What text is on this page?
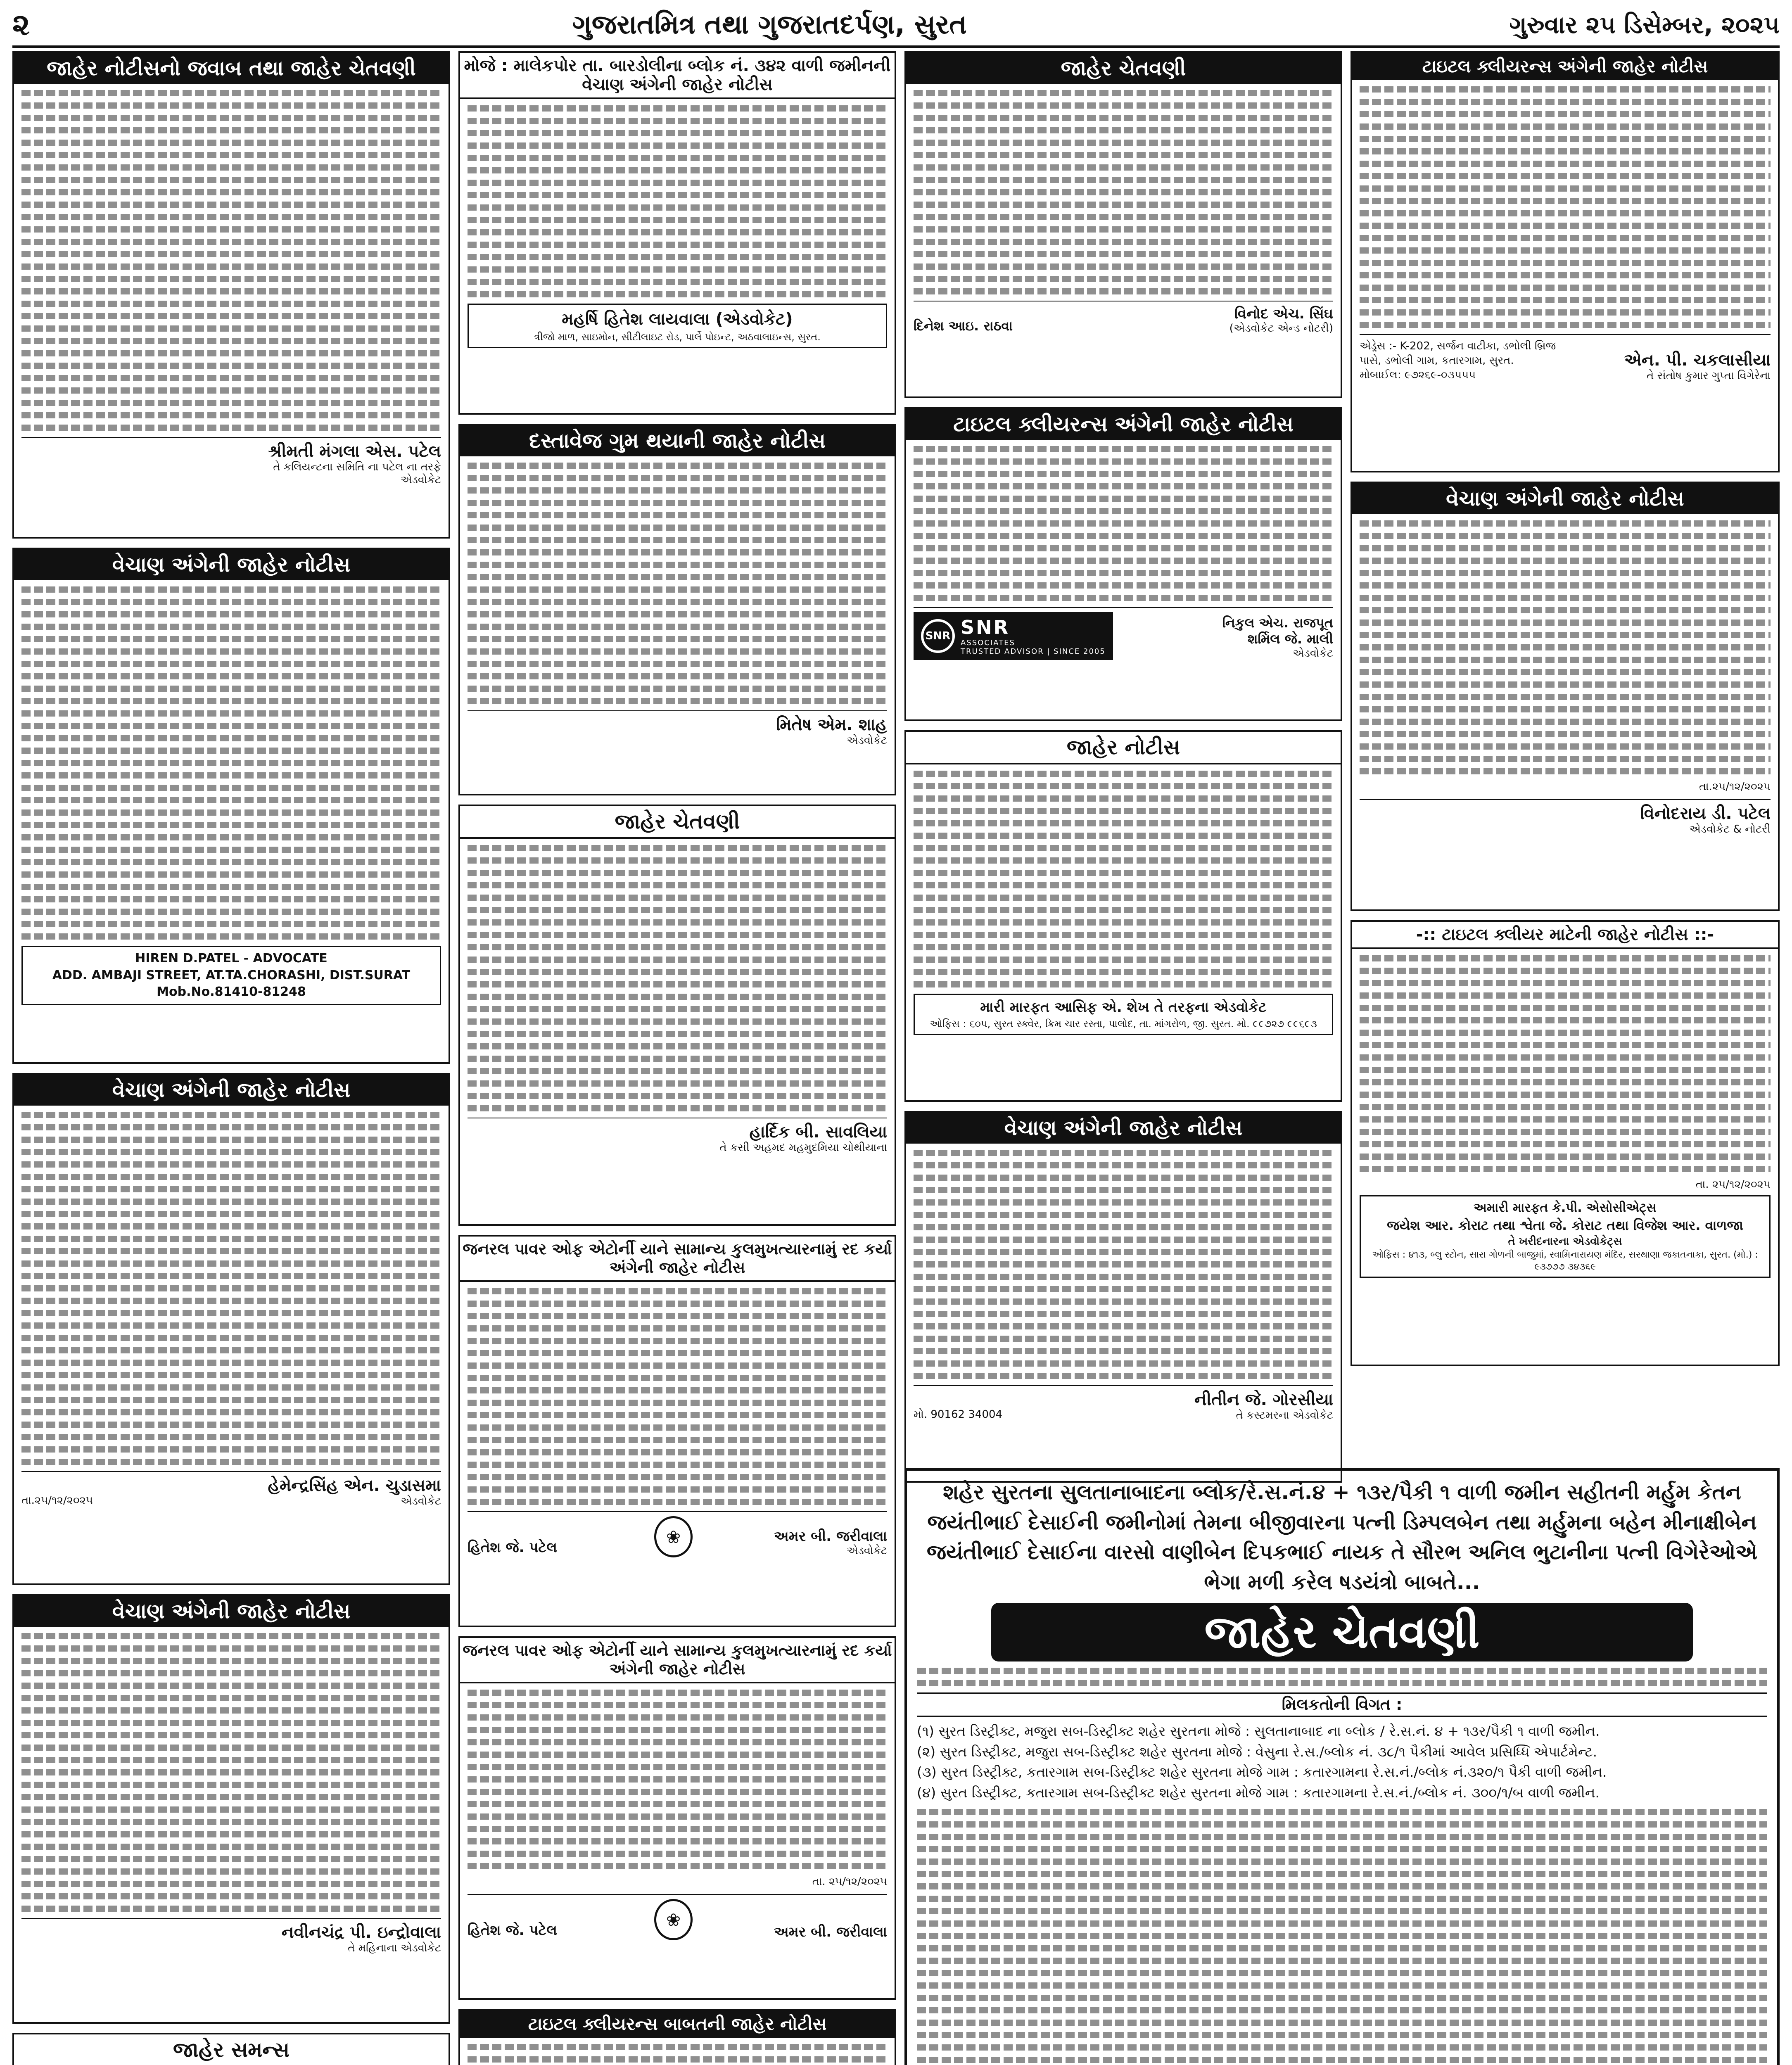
૨	ગુજરાતમિત્ર તથા ગુજરાતદર્પણ, સુરત	ગુરુવાર ૨૫ ડિસેમ્બર, ૨૦૨૫
જાહેર નોટીસનો જવાબ તથા જાહેર ચેતવણી
શ્રીમતી મંગલા એસ. પટેલ
તે કલિયન્ટના સમિતિ ના પટેલ ના તરફે એડવોકેટ
વેચાણ અંગેની જાહેર નોટીસ
HIREN D.PATEL - ADVOCATE
ADD. AMBAJI STREET, AT.TA.CHORASHI, DIST.SURAT Mob.No.81410-81248
વેચાણ અંગેની જાહેર નોટીસ
તા.૨૫/૧૨/૨૦૨૫
હેમેન્દ્રસિંહ એન. ચુડાસમા
એડવોકેટ
વેચાણ અંગેની જાહેર નોટીસ
નવીનચંદ્ર પી. ઇન્દ્રોવાલા
તે મહિનાના એડવોકેટ
જાહેર સમન્સ
મોજે : માલેકપોર તા. બારડોલીના બ્લોક નં. ૩૪૨ વાળી જમીનની વેચાણ અંગેની જાહેર નોટીસ
મહર્ષિ હિતેશ લાયવાલા (એડવોકેટ)
ત્રીજો માળ, સાઇમોન, સીટીલાઇટ રોડ, પાર્લે પોઇન્ટ, અઠવાલાઇન્સ, સુરત.
દસ્તાવેજ ગુમ થયાની જાહેર નોટીસ
મિતેષ એમ. શાહ
એડવોકેટ
જાહેર ચેતવણી
હાર્દિક બી. સાવલિયા
તે કસી અહમદ મહમુદમિયા ચોથીયાના
જનરલ પાવર ઓફ એટોર્ની યાને સામાન્ય કુલમુખત્યારનામું રદ કર્યા અંગેની જાહેર નોટીસ
હિતેશ જે. પટેલ
❀	અમર બી. જરીવાલા
એડવોકેટ
જનરલ પાવર ઓફ એટોર્ની યાને સામાન્ય કુલમુખત્યારનામું રદ કર્યા અંગેની જાહેર નોટીસ
તા. ૨૫/૧૨/૨૦૨૫
હિતેશ જે. પટેલ
❀
અમર બી. જરીવાલા
ટાઇટલ ક્લીયરન્સ બાબતની જાહેર નોટીસ

જાહેર ચેતવણી
દિનેશ આઇ. રાઠવા
વિનોદ એચ. સિંઘ
(એડવોકેટ એન્ડ નોટરી)
ટાઇટલ ક્લીયરન્સ અંગેની જાહેર નોટીસ
SNR SNR
ASSOCIATES
TRUSTED ADVISOR | SINCE 2005
નિકુલ એચ. રાજપૂત
શર્મિલ જે. માલી
એડવોકેટ
જાહેર નોટીસ
મારી મારફત આસિફ એ. શેખ તે તરફના એડવોકેટ
ઓફિસ : ૬૦૫, સુરત સ્ક્વેર, ક્રિમ ચાર રસ્તા, પાલોદ, તા. માંગરોળ, જી. સુરત. મો. ૯૯૭૨૭ ૯૯૬૯૩
વેચાણ અંગેની જાહેર નોટીસ
મો. 90162 34004
નીતીન જે. ગોરસીયા
તે કસ્ટમરના એડવોકેટ
ટાઇટલ ક્લીયરન્સ અંગેની જાહેર નોટીસ
એડ્રેસ :- K-202, સર્જન વાટીકા, ડભોલી બ્રિજ પાસે, ડભોલી ગામ, કતારગામ, સુરત. મોબાઈલ: ૯૭૨૬૯-૦૩૫૫૫
એન. પી. ચકલાસીયા
તે સંતોષ કુમાર ગુપ્તા વિગેરેના
વેચાણ અંગેની જાહેર નોટીસ
તા.૨૫/૧૨/૨૦૨૫
વિનોદરાય ડી. પટેલ
એડવોકેટ & નોટરી
-:: ટાઇટલ ક્લીયર માટેની જાહેર નોટીસ ::-
તા. ૨૫/૧૨/૨૦૨૫
અમારી મારફત કે.પી. એસોસીએટ્સ
જયેશ આર. કોરાટ તથા શ્વેતા જે. કોરાટ તથા વિજેશ આર. વાળજા
તે ખરીદનારના એડવોકેટ્સ
ઓફિસ : ૪૧૩, બ્લુ સ્ટોન, સારા ગોળની બાજુમાં, સ્વામિનારાયણ મંદિર, સરથાણા જકાતનાકા, સુરત. (મો.) : ૯૩૭૭૭ ૩૪૩૬૯
શહેર સુરતના સુલતાનાબાદના બ્લોક/રે.સ.નં.૪ + ૧૩ર/પૈકી ૧ વાળી જમીન સહીતની મર્હુમ કેતન જયંતીભાઈ દેસાઈની જમીનોમાં તેમના બીજીવારના પત્ની ડિમ્પલબેન તથા મર્હુમના બહેન મીનાક્ષીબેન જયંતીભાઈ દેસાઈના વારસો વાણીબેન દિપકભાઈ નાયક તે સૌરભ અનિલ ભુટાનીના પત્ની વિગેરેઓએ ભેગા મળી કરેલ ષડયંત્રો બાબતે...
જાહેર ચેતવણી
મિલકતોની વિગત :
(૧) સુરત ડિસ્ટ્રીક્ટ, મજુરા સબ-ડિસ્ટ્રીક્ટ શહેર સુરતના મોજે : સુલતાનાબાદ ના બ્લોક / રે.સ.નં. ૪ + ૧૩ર/પૈકી ૧ વાળી જમીન.
(૨) સુરત ડિસ્ટ્રીક્ટ, મજુરા સબ-ડિસ્ટ્રીક્ટ શહેર સુરતના મોજે : વેસુના રે.સ./બ્લોક નં. ૩૮/૧ પૈકીમાં આવેલ પ્રસિધ્ધિ એપાર્ટમેન્ટ.
(૩) સુરત ડિસ્ટ્રીક્ટ, કતારગામ સબ-ડિસ્ટ્રીક્ટ શહેર સુરતના મોજે ગામ : કતારગામના રે.સ.નં./બ્લોક નં.૩૨૦/૧ પૈકી વાળી જમીન.
(૪) સુરત ડિસ્ટ્રીક્ટ, કતારગામ સબ-ડિસ્ટ્રીક્ટ શહેર સુરતના મોજે ગામ : કતારગામના રે.સ.નં./બ્લોક નં. ૩૦૦/૧/બ વાળી જમીન.
